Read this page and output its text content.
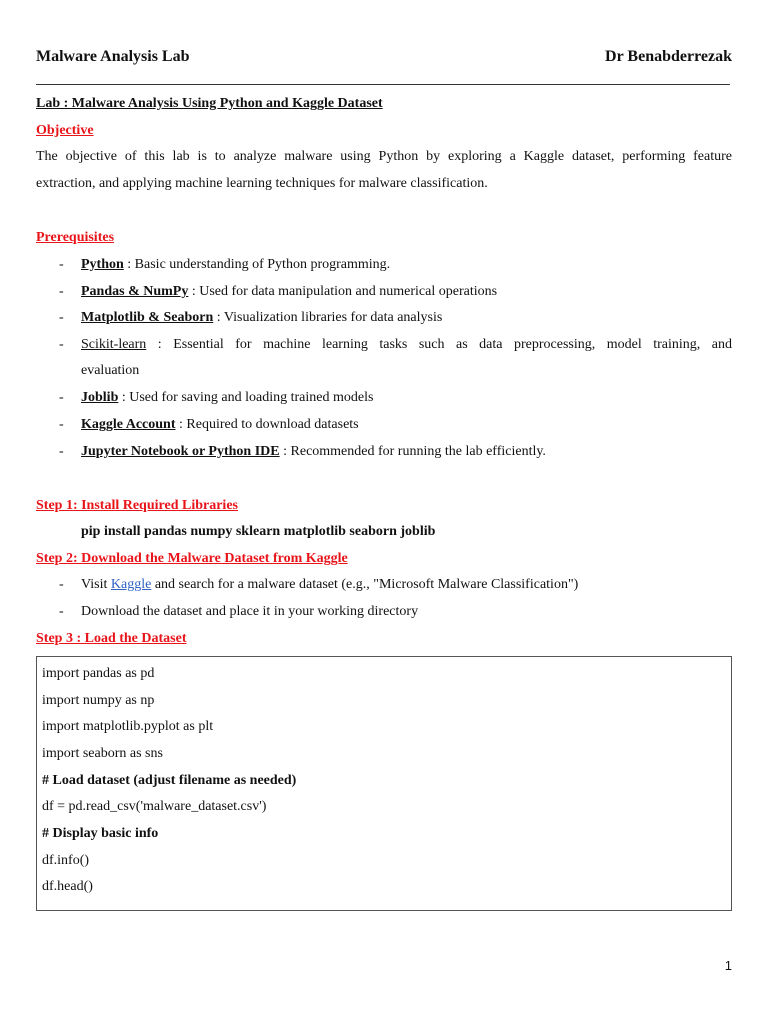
Malware Analysis Lab	Dr Benabderrezak
Lab : Malware Analysis Using Python and Kaggle Dataset
Objective
The objective of this lab is to analyze malware using Python by exploring a Kaggle dataset, performing feature
extraction, and applying machine learning techniques for malware classification.
Prerequisites
- Python : Basic understanding of Python programming.
- Pandas & NumPy : Used for data manipulation and numerical operations
- Matplotlib & Seaborn : Visualization libraries for data analysis
- Scikit-learn : Essential for machine learning tasks such as data preprocessing, model training, and
evaluation
- Joblib : Used for saving and loading trained models
- Kaggle Account : Required to download datasets
- Jupyter Notebook or Python IDE : Recommended for running the lab efficiently.
Step 1: Install Required Libraries
pip install pandas numpy sklearn matplotlib seaborn joblib
Step 2: Download the Malware Dataset from Kaggle
- Visit Kaggle and search for a malware dataset (e.g., "Microsoft Malware Classification")
- Download the dataset and place it in your working directory
Step 3 : Load the Dataset
import pandas as pd
import numpy as np
import matplotlib.pyplot as plt
import seaborn as sns
# Load dataset (adjust filename as needed)
df = pd.read_csv('malware_dataset.csv')
# Display basic info
df.info()
df.head()
1
